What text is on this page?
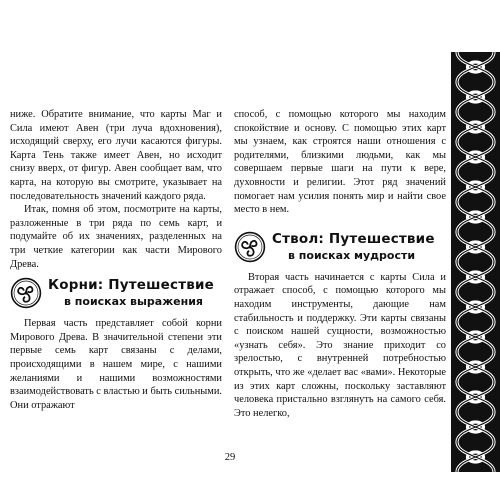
ниже. Обратите внимание, что карты Маг и Сила имеют Авен (три луча вдохновения), исходящий сверху, его лучи касаются фигуры. Карта Тень также имеет Авен, но исходит снизу вверх, от фигур. Авен сообщает вам, что карта, на которую вы смотрите, указывает на последовательность значений каждого ряда.

Итак, помня об этом, посмотрите на карты, разложенные в три ряда по семь карт, и подумайте об их значениях, разделенных на три четкие категории как части Мирового Древа.

Корни: Путешествие
в поисках выражения

Первая часть представляет собой корни Мирового Древа. В значительной степени эти первые семь карт связаны с делами, происходящими в нашем мире, с нашими желаниями и нашими возможностями взаимодействовать с властью и быть сильными. Они отражают

способ, с помощью которого мы находим спокойствие и основу. С помощью этих карт мы узнаем, как строятся наши отношения с родителями, близкими людьми, как мы совершаем первые шаги на пути к вере, духовности и религии. Этот ряд значений помогает нам усилия понять мир и найти свое место в нем.

Ствол: Путешествие
в поисках мудрости

Вторая часть начинается с карты Сила и отражает способ, с помощью которого мы находим инструменты, дающие нам стабильность и поддержку. Эти карты связаны с поиском нашей сущности, возможностью «узнать себя». Это знание приходит со зрелостью, с внутренней потребностью открыть, что же «делает вас «вами». Некоторые из этих карт сложны, поскольку заставляют человека пристально взглянуть на самого себя. Это нелегко,

29
